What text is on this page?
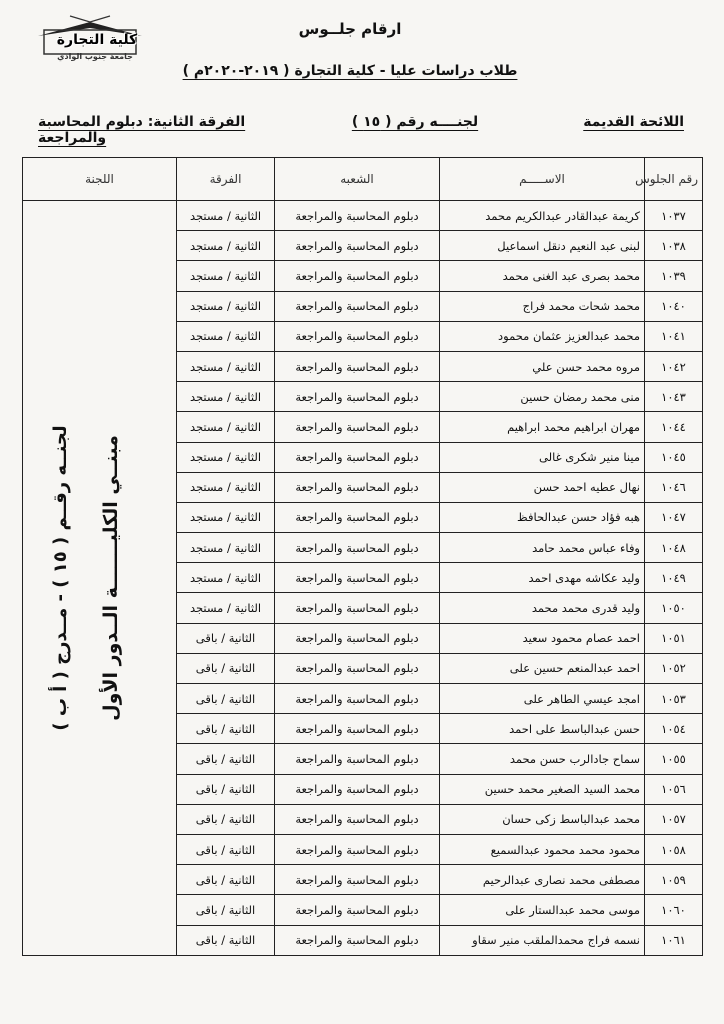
كلية التجارة
جامعة جنوب الوادي
ارقام جلــوس
طلاب دراسات عليا - كلية التجارة ( ٢٠١٩-٢٠٢٠م )
اللائحة القديمة
لجنــــه رقم ( ١٥ )
الفرقة الثانية: دبلوم المحاسبة والمراجعة
رقم الجلوس	الاســـــم	الشعبه	الفرقة	اللجنة
١٠٣٧	كريمة عبدالقادر عبدالكريم محمد	دبلوم المحاسبة والمراجعة	الثانية / مستجد	لجنــه رقــم ( ١٥ ) - مــدرج ( أ ب ) مبنــي الكليـــــــة الــدور الأول

١٠٣٨	لبنى عبد النعيم دنقل اسماعيل	دبلوم المحاسبة والمراجعة	الثانية / مستجد	
١٠٣٩	محمد بصرى عبد الغنى محمد	دبلوم المحاسبة والمراجعة	الثانية / مستجد	
١٠٤٠	محمد شحات محمد فراج	دبلوم المحاسبة والمراجعة	الثانية / مستجد	
١٠٤١	محمد عبدالعزيز عثمان محمود	دبلوم المحاسبة والمراجعة	الثانية / مستجد	
١٠٤٢	مروه محمد حسن علي	دبلوم المحاسبة والمراجعة	الثانية / مستجد	
١٠٤٣	منى محمد رمضان حسين	دبلوم المحاسبة والمراجعة	الثانية / مستجد	
١٠٤٤	مهران ابراهيم محمد ابراهيم	دبلوم المحاسبة والمراجعة	الثانية / مستجد	
١٠٤٥	مينا منير شكرى غالى	دبلوم المحاسبة والمراجعة	الثانية / مستجد	
١٠٤٦	نهال عطيه احمد حسن	دبلوم المحاسبة والمراجعة	الثانية / مستجد	
١٠٤٧	هبه فؤاد حسن عبدالحافظ	دبلوم المحاسبة والمراجعة	الثانية / مستجد	
١٠٤٨	وفاء عباس محمد حامد	دبلوم المحاسبة والمراجعة	الثانية / مستجد	
١٠٤٩	وليد عكاشه مهدى احمد	دبلوم المحاسبة والمراجعة	الثانية / مستجد	
١٠٥٠	وليد قدرى محمد محمد	دبلوم المحاسبة والمراجعة	الثانية / مستجد	
١٠٥١	احمد عصام محمود سعيد	دبلوم المحاسبة والمراجعة	الثانية / باقى	
١٠٥٢	احمد عبدالمنعم حسين على	دبلوم المحاسبة والمراجعة	الثانية / باقى	
١٠٥٣	امجد عيسي الطاهر على	دبلوم المحاسبة والمراجعة	الثانية / باقى	
١٠٥٤	حسن عبدالباسط على احمد	دبلوم المحاسبة والمراجعة	الثانية / باقى	
١٠٥٥	سماح جادالرب حسن محمد	دبلوم المحاسبة والمراجعة	الثانية / باقى	
١٠٥٦	محمد السيد الصغير محمد حسين	دبلوم المحاسبة والمراجعة	الثانية / باقى	
١٠٥٧	محمد عبدالباسط زكى حسان	دبلوم المحاسبة والمراجعة	الثانية / باقى	
١٠٥٨	محمود محمد محمود عبدالسميع	دبلوم المحاسبة والمراجعة	الثانية / باقى	
١٠٥٩	مصطفى محمد نصارى عبدالرحيم	دبلوم المحاسبة والمراجعة	الثانية / باقى	
١٠٦٠	موسى محمد عبدالستار على	دبلوم المحاسبة والمراجعة	الثانية / باقى	
١٠٦١	نسمه فراج محمدالملقب منير سقاو	دبلوم المحاسبة والمراجعة	الثانية / باقى	
